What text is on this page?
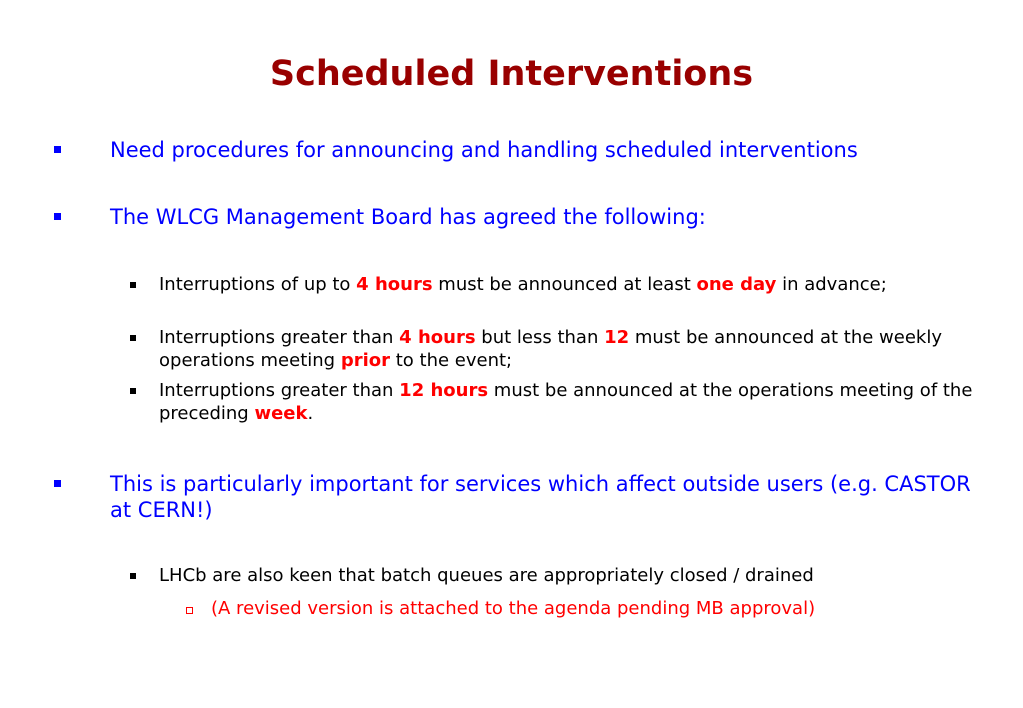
Scheduled Interventions
Need procedures for announcing and handling scheduled interventions
The WLCG Management Board has agreed the following:
Interruptions of up to 4 hours must be announced at least one day in advance;
Interruptions greater than 4 hours but less than 12 must be announced at the weekly operations meeting prior to the event;
Interruptions greater than 12 hours must be announced at the operations meeting of the preceding week.
This is particularly important for services which affect outside users (e.g. CASTOR at CERN!)
LHCb are also keen that batch queues are appropriately closed / drained
(A revised version is attached to the agenda pending MB approval)
